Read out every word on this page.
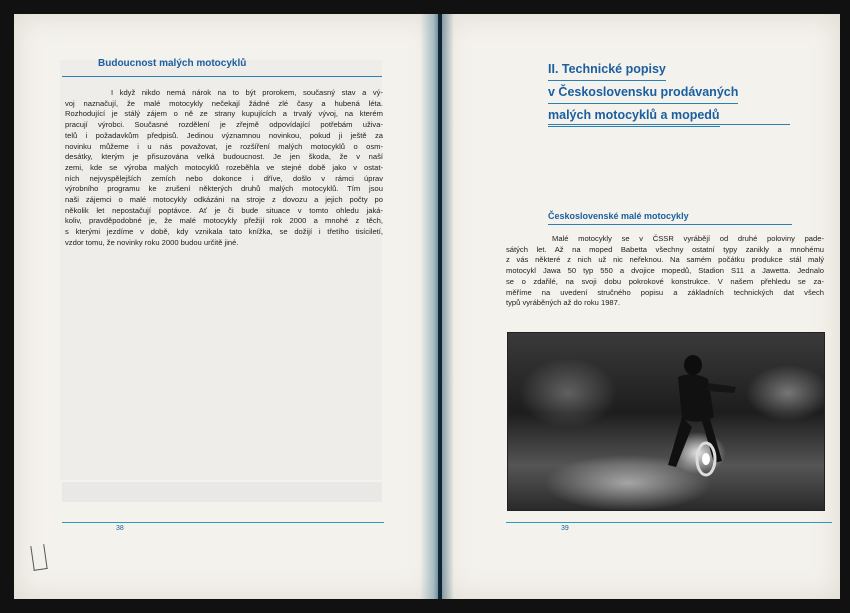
Budoucnost malých motocyklů
I když nikdo nemá nárok na to být prorokem, současný stav a vý-
voj naznačují, že malé motocykly nečekají žádné zlé časy a hubená léta.
Rozhodující je stálý zájem o ně ze strany kupujících a trvalý vývoj, na kterém
pracují výrobci. Současné rozdělení je zřejmě odpovídající potřebám uživa-
telů i požadavkům předpisů. Jedinou významnou novinkou, pokud ji ještě za
novinku můžeme i u nás považovat, je rozšíření malých motocyklů o osm-
desátky, kterým je přisuzována velká budoucnost. Je jen škoda, že v naší
zemi, kde se výroba malých motocyklů rozeběhla ve stejné době jako v ostat-
ních nejvyspělejších zemích nebo dokonce i dříve, došlo v rámci úprav
výrobního programu ke zrušení některých druhů malých motocyklů. Tím jsou
naši zájemci o malé motocykly odkázáni na stroje z dovozu a jejich počty po
několik let nepostačují poptávce. Ať je či bude situace v tomto ohledu jaká-
koliv, pravděpodobné je, že malé motocykly přežijí rok 2000 a mnohé z těch,
s kterými jezdíme v době, kdy vznikala tato knížka, se dožijí i třetího tisíciletí,
vzdor tomu, že novinky roku 2000 budou určitě jiné.
38
II. Technické popisy
v Československu prodávaných
malých motocyklů a mopedů
Československé malé motocykly
Malé motocykly se v ČSSR vyrábějí od druhé poloviny pade-
sátých let. Až na moped Babetta všechny ostatní typy zanikly a mnohému
z vás některé z nich už nic neřeknou. Na samém počátku produkce stál malý
motocykl Jawa 50 typ 550 a dvojice mopedů, Stadion S11 a Jawetta. Jednalo
se o zdařilé, na svoji dobu pokrokové konstrukce. V našem přehledu se za-
měříme na uvedení stručného popisu a základních technických dat všech
typů vyráběných až do roku 1987.
39
